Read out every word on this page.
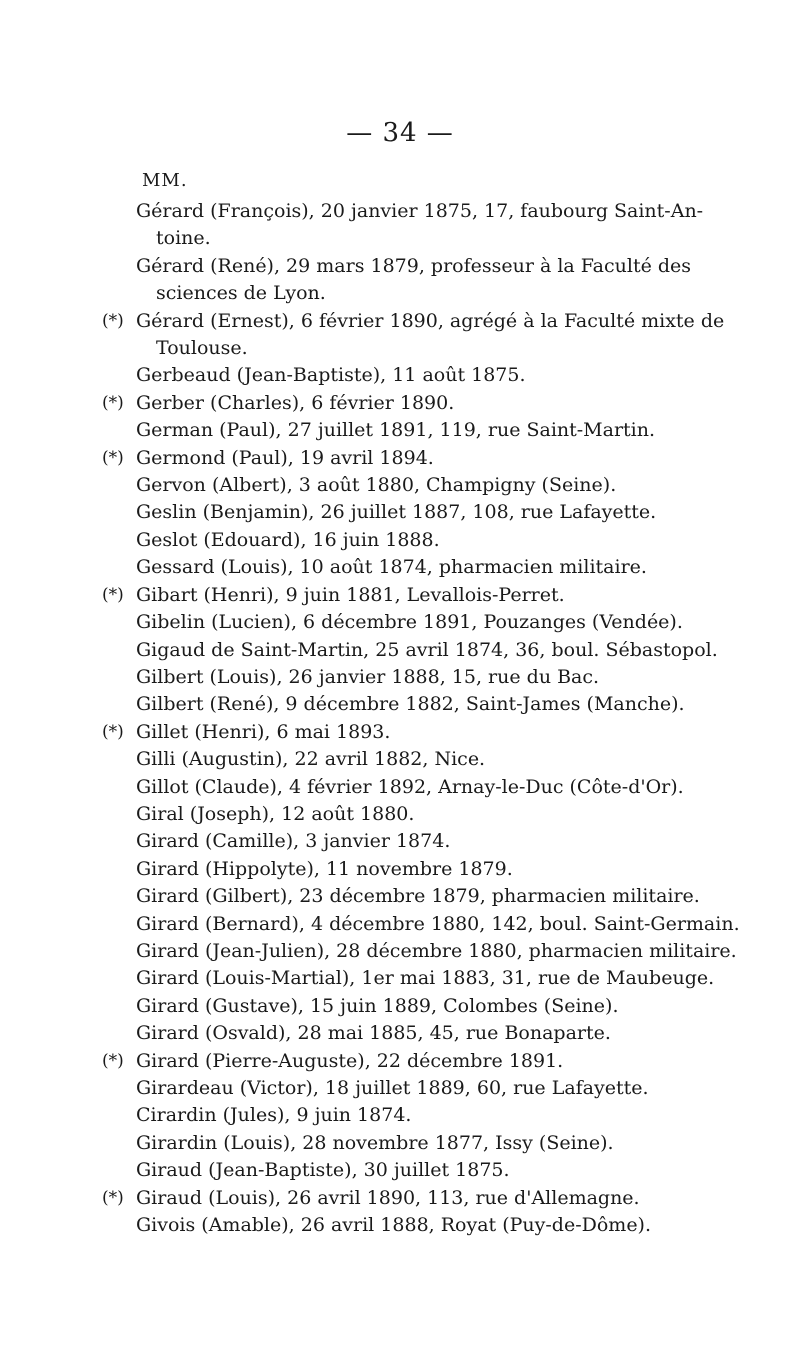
— 34 —
MM.
Gérard (François), 20 janvier 1875, 17, faubourg Saint-An-
toine.
Gérard (René), 29 mars 1879, professeur à la Faculté des
sciences de Lyon.
(*) Gérard (Ernest), 6 février 1890, agrégé à la Faculté mixte de
Toulouse.
Gerbeaud (Jean-Baptiste), 11 août 1875.
(*) Gerber (Charles), 6 février 1890.
German (Paul), 27 juillet 1891, 119, rue Saint-Martin.
(*) Germond (Paul), 19 avril 1894.
Gervon (Albert), 3 août 1880, Champigny (Seine).
Geslin (Benjamin), 26 juillet 1887, 108, rue Lafayette.
Geslot (Edouard), 16 juin 1888.
Gessard (Louis), 10 août 1874, pharmacien militaire.
(*) Gibart (Henri), 9 juin 1881, Levallois-Perret.
Gibelin (Lucien), 6 décembre 1891, Pouzanges (Vendée).
Gigaud de Saint-Martin, 25 avril 1874, 36, boul. Sébastopol.
Gilbert (Louis), 26 janvier 1888, 15, rue du Bac.
Gilbert (René), 9 décembre 1882, Saint-James (Manche).
(*) Gillet (Henri), 6 mai 1893.
Gilli (Augustin), 22 avril 1882, Nice.
Gillot (Claude), 4 février 1892, Arnay-le-Duc (Côte-d'Or).
Giral (Joseph), 12 août 1880.
Girard (Camille), 3 janvier 1874.
Girard (Hippolyte), 11 novembre 1879.
Girard (Gilbert), 23 décembre 1879, pharmacien militaire.
Girard (Bernard), 4 décembre 1880, 142, boul. Saint-Germain.
Girard (Jean-Julien), 28 décembre 1880, pharmacien militaire.
Girard (Louis-Martial), 1er mai 1883, 31, rue de Maubeuge.
Girard (Gustave), 15 juin 1889, Colombes (Seine).
Girard (Osvald), 28 mai 1885, 45, rue Bonaparte.
(*) Girard (Pierre-Auguste), 22 décembre 1891.
Girardeau (Victor), 18 juillet 1889, 60, rue Lafayette.
Cirardin (Jules), 9 juin 1874.
Girardin (Louis), 28 novembre 1877, Issy (Seine).
Giraud (Jean-Baptiste), 30 juillet 1875.
(*) Giraud (Louis), 26 avril 1890, 113, rue d'Allemagne.
Givois (Amable), 26 avril 1888, Royat (Puy-de-Dôme).
